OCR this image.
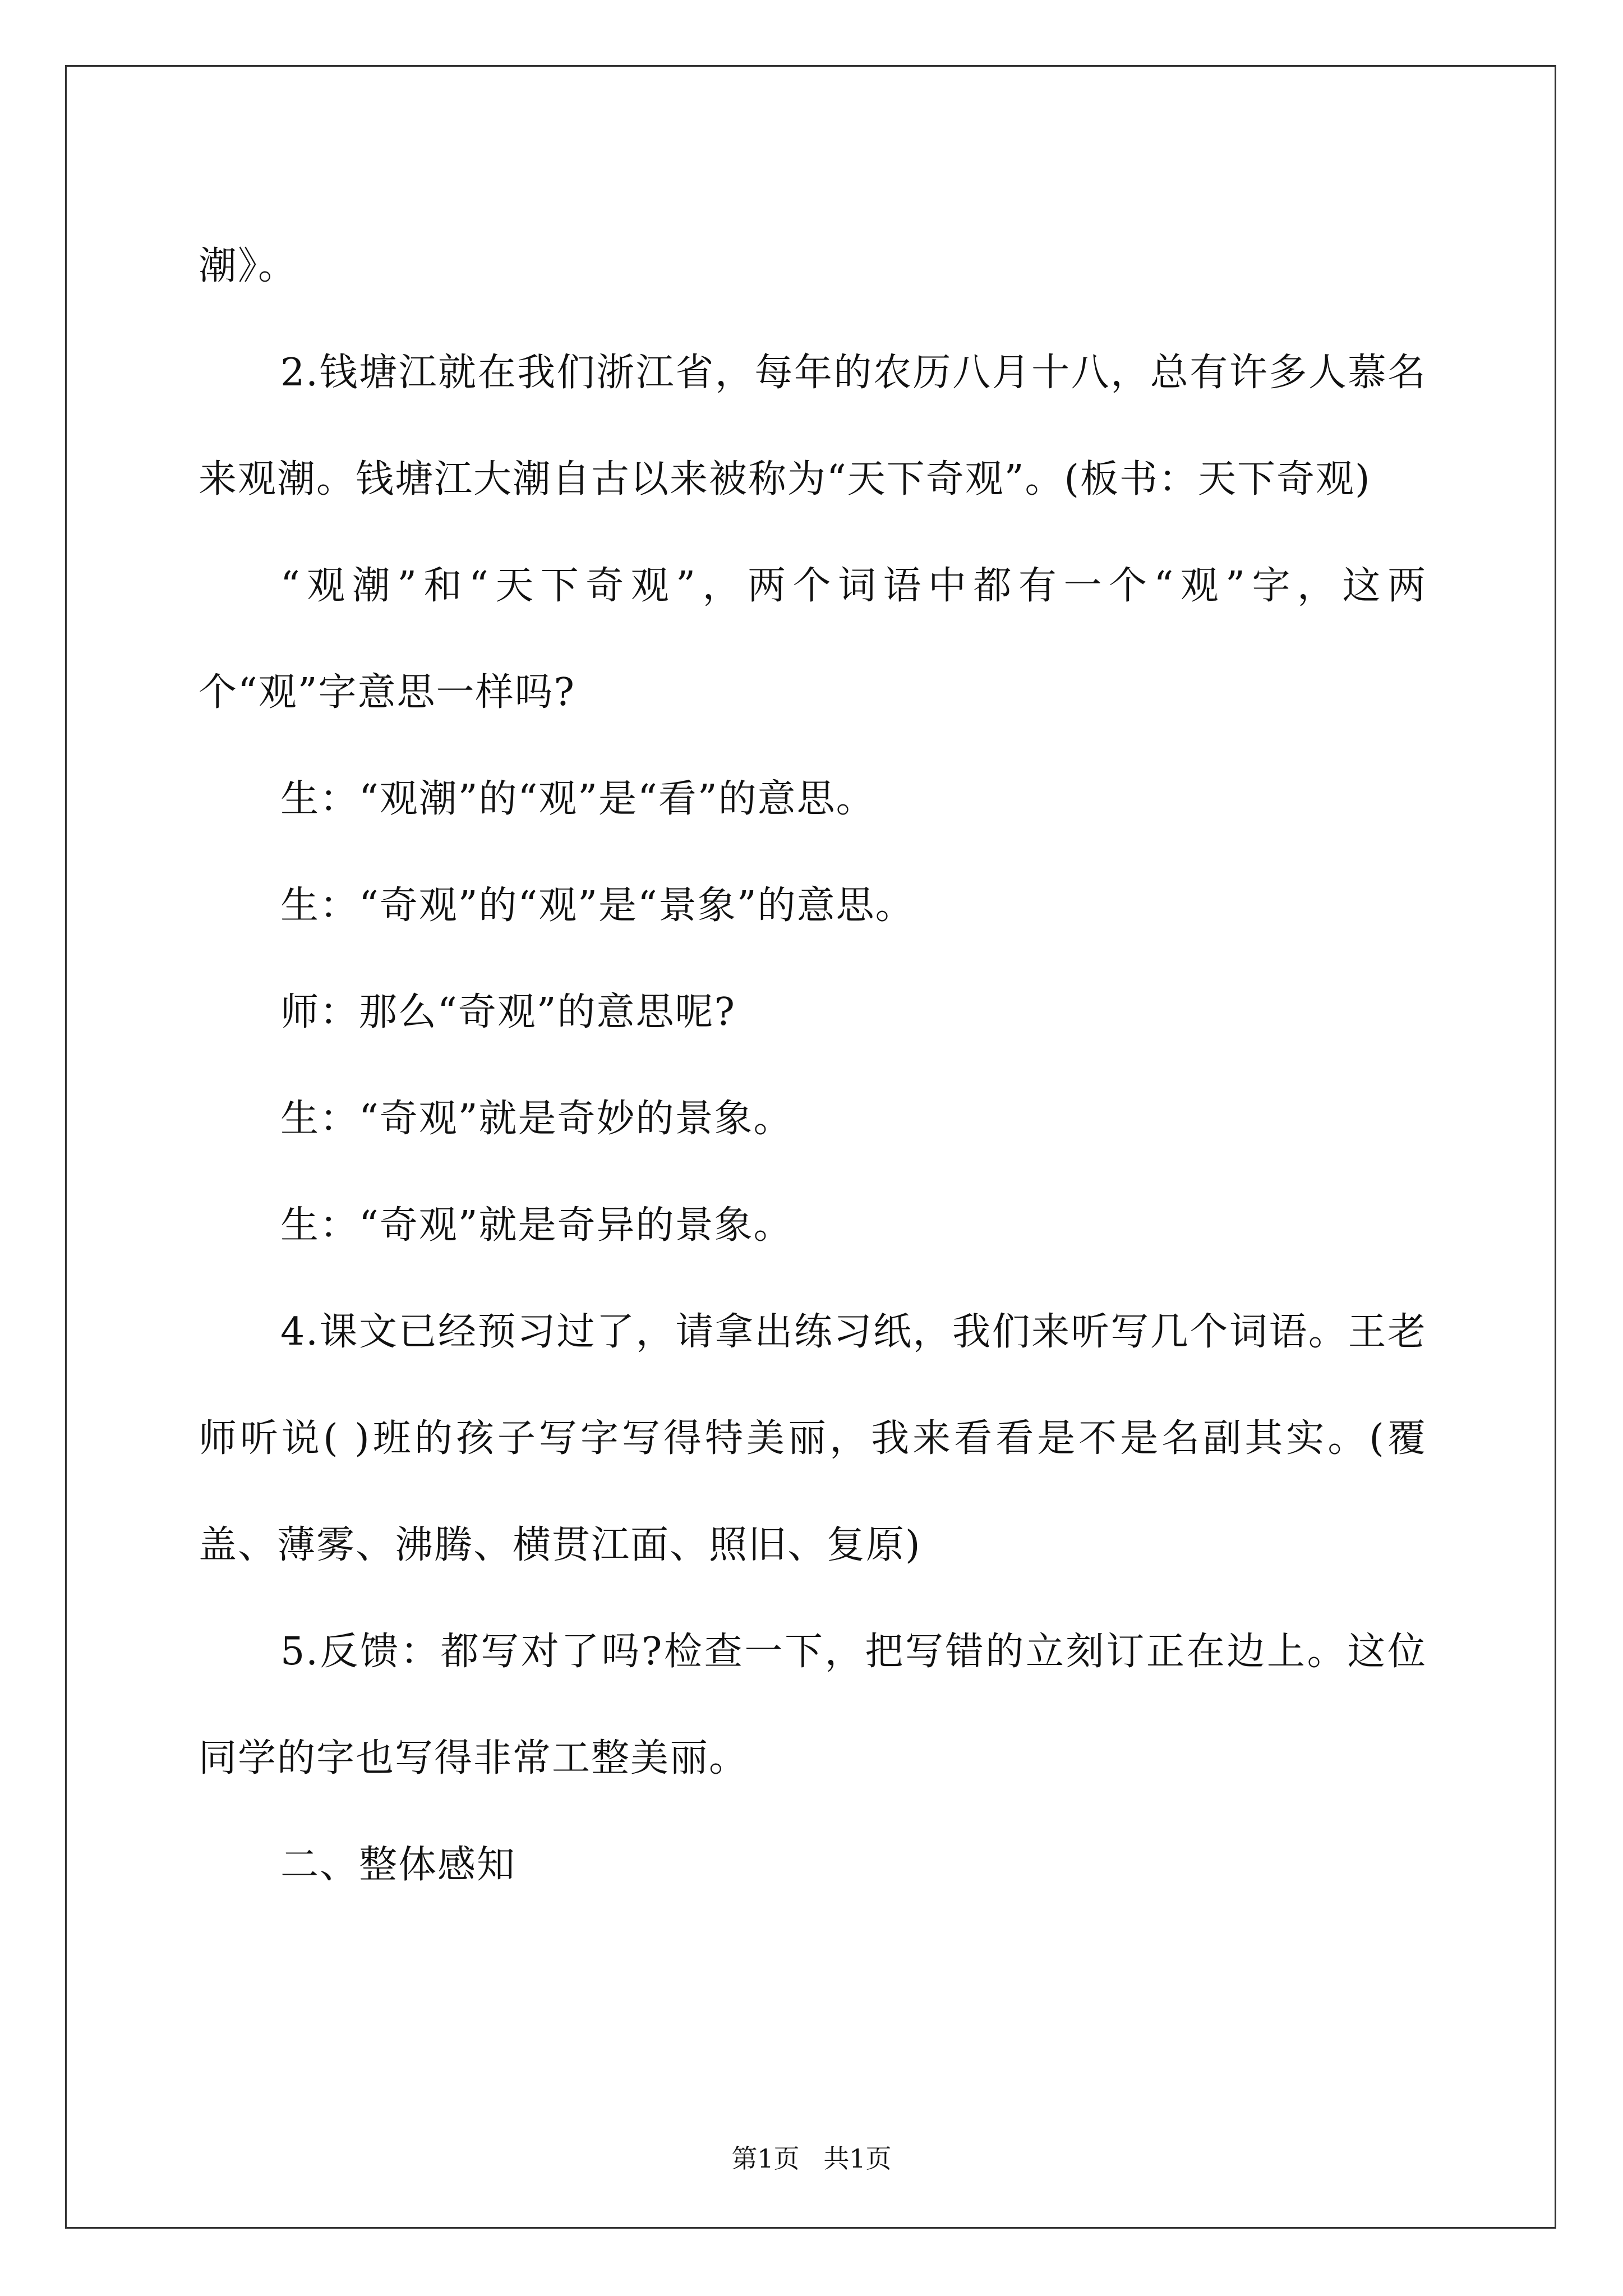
潮》。

2.钱塘江就在我们浙江省，每年的农历八月十八，总有许多人慕名来观潮。钱塘江大潮自古以来被称为“天下奇观”。(板书：天下奇观)

“观潮”和“天下奇观”，两个词语中都有一个“观”字，这两个“观”字意思一样吗?

生：“观潮”的“观”是“看”的意思。

生：“奇观”的“观”是“景象”的意思。

师：那么“奇观”的意思呢?

生：“奇观”就是奇妙的景象。

生：“奇观”就是奇异的景象。

4.课文已经预习过了，请拿出练习纸，我们来听写几个词语。王老师听说( )班的孩子写字写得特美丽，我来看看是不是名副其实。(覆盖、薄雾、沸腾、横贯江面、照旧、复原)

5.反馈：都写对了吗?检查一下，把写错的立刻订正在边上。这位同学的字也写得非常工整美丽。

二、整体感知

第1页 共1页
